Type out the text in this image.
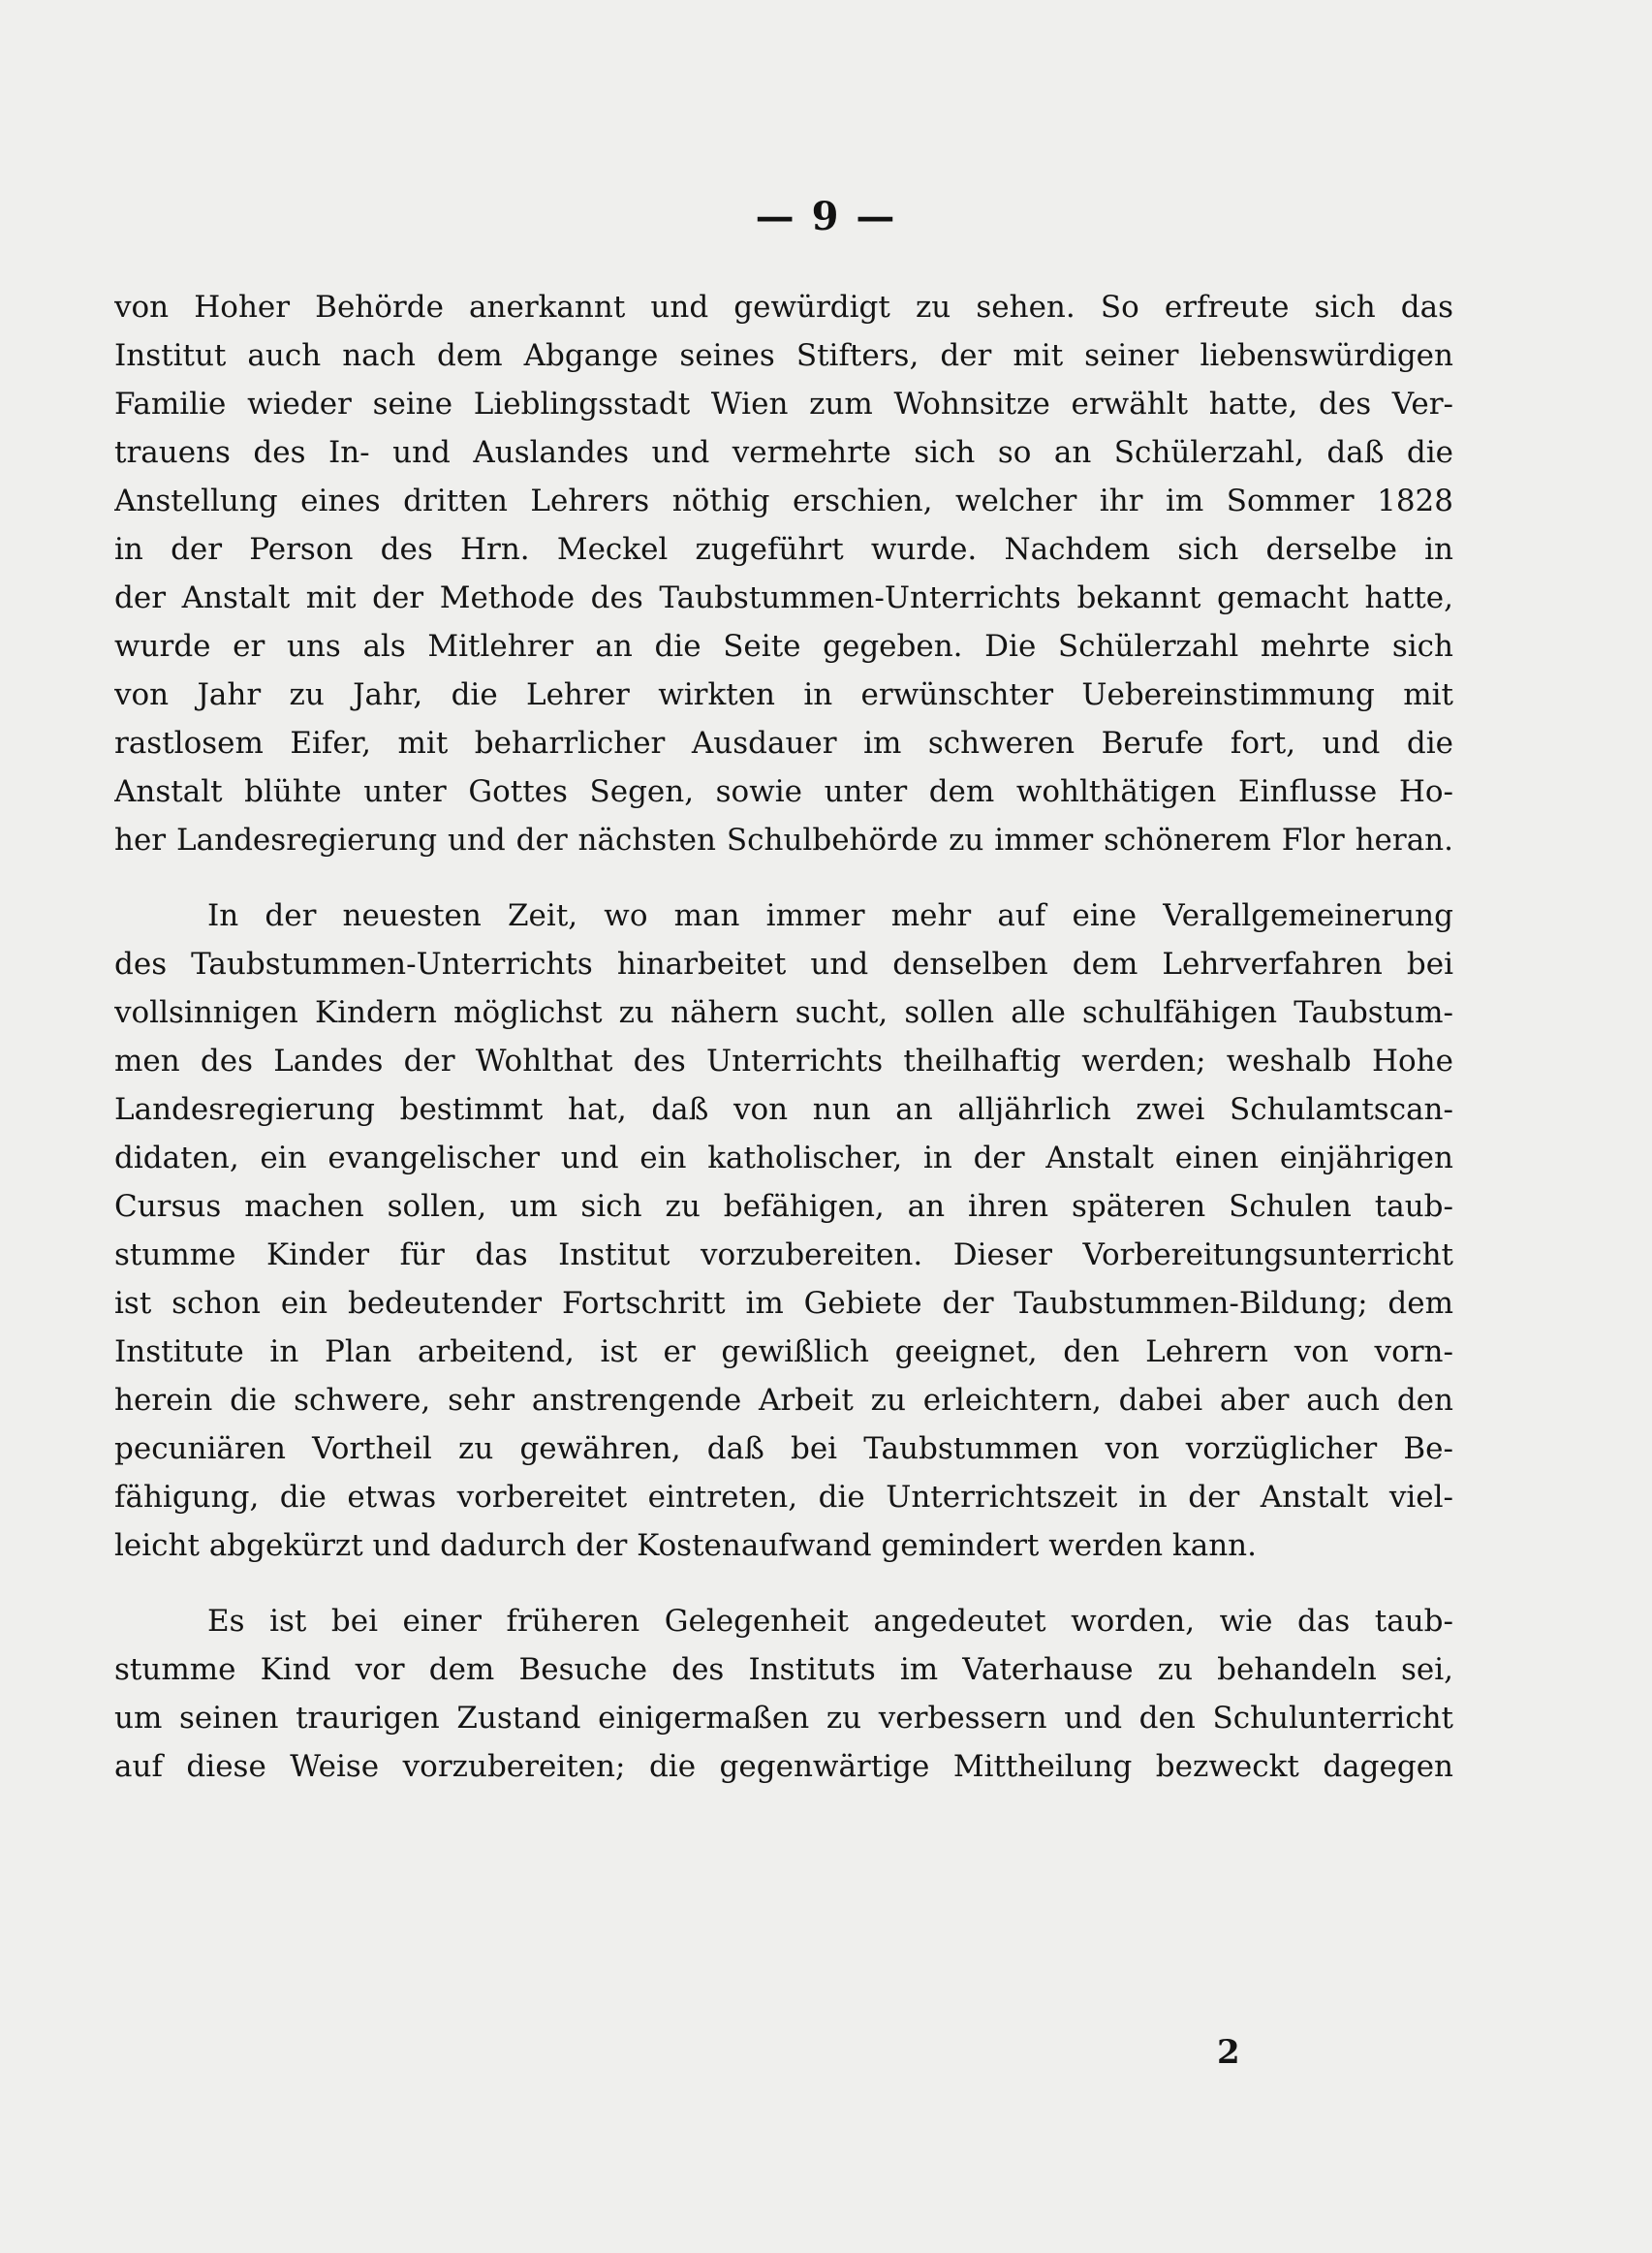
— 9 —
von Hoher Behörde anerkannt und gewürdigt zu sehen. So erfreute sich das
Institut auch nach dem Abgange seines Stifters, der mit seiner liebenswürdigen
Familie wieder seine Lieblingsstadt Wien zum Wohnsitze erwählt hatte, des Ver-
trauens des In- und Auslandes und vermehrte sich so an Schülerzahl, daß die
Anstellung eines dritten Lehrers nöthig erschien, welcher ihr im Sommer 1828
in der Person des Hrn. Meckel zugeführt wurde. Nachdem sich derselbe in
der Anstalt mit der Methode des Taubstummen-Unterrichts bekannt gemacht hatte,
wurde er uns als Mitlehrer an die Seite gegeben. Die Schülerzahl mehrte sich
von Jahr zu Jahr, die Lehrer wirkten in erwünschter Uebereinstimmung mit
rastlosem Eifer, mit beharrlicher Ausdauer im schweren Berufe fort, und die
Anstalt blühte unter Gottes Segen, sowie unter dem wohlthätigen Einflusse Ho-
her Landesregierung und der nächsten Schulbehörde zu immer schönerem Flor heran.
In der neuesten Zeit, wo man immer mehr auf eine Verallgemeinerung
des Taubstummen-Unterrichts hinarbeitet und denselben dem Lehrverfahren bei
vollsinnigen Kindern möglichst zu nähern sucht, sollen alle schulfähigen Taubstum-
men des Landes der Wohlthat des Unterrichts theilhaftig werden; weshalb Hohe
Landesregierung bestimmt hat, daß von nun an alljährlich zwei Schulamtscan-
didaten, ein evangelischer und ein katholischer, in der Anstalt einen einjährigen
Cursus machen sollen, um sich zu befähigen, an ihren späteren Schulen taub-
stumme Kinder für das Institut vorzubereiten. Dieser Vorbereitungsunterricht
ist schon ein bedeutender Fortschritt im Gebiete der Taubstummen-Bildung; dem
Institute in Plan arbeitend, ist er gewißlich geeignet, den Lehrern von vorn-
herein die schwere, sehr anstrengende Arbeit zu erleichtern, dabei aber auch den
pecuniären Vortheil zu gewähren, daß bei Taubstummen von vorzüglicher Be-
fähigung, die etwas vorbereitet eintreten, die Unterrichtszeit in der Anstalt viel-
leicht abgekürzt und dadurch der Kostenaufwand gemindert werden kann.
Es ist bei einer früheren Gelegenheit angedeutet worden, wie das taub-
stumme Kind vor dem Besuche des Instituts im Vaterhause zu behandeln sei,
um seinen traurigen Zustand einigermaßen zu verbessern und den Schulunterricht
auf diese Weise vorzubereiten; die gegenwärtige Mittheilung bezweckt dagegen
2
